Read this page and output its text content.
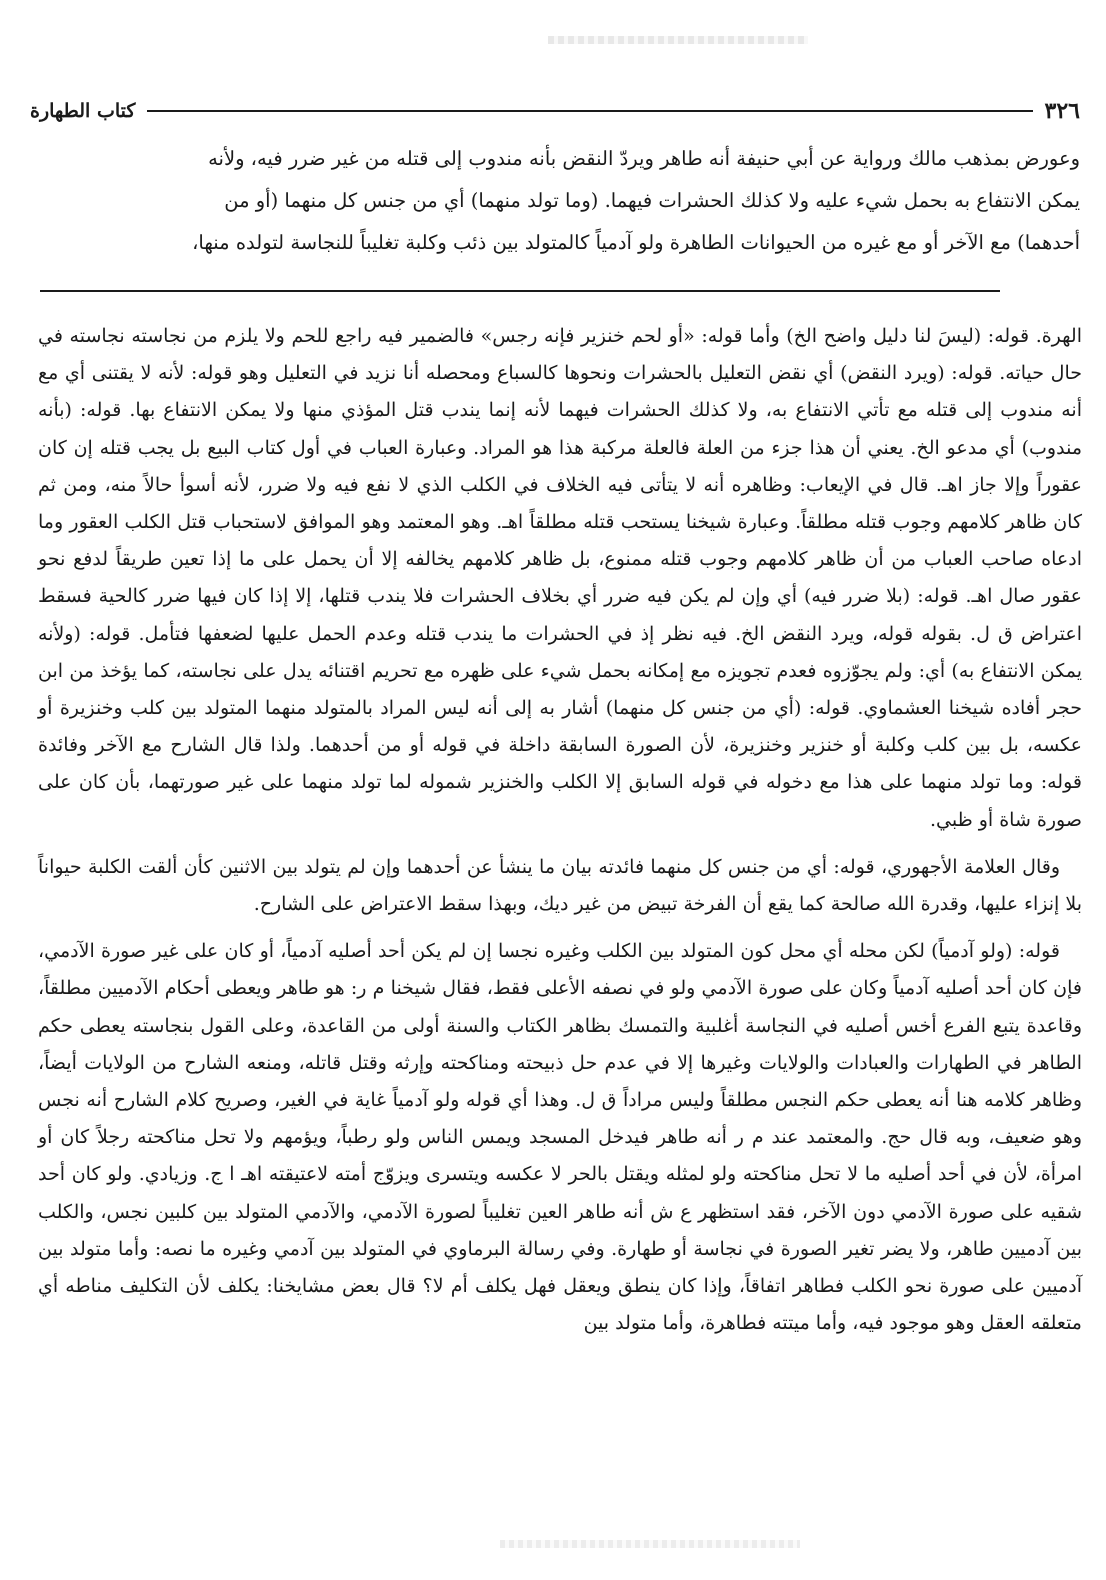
٣٢٦
كتاب الطهارة

وعورض بمذهب مالك ورواية عن أبي حنيفة أنه طاهر ويردّ النقض بأنه مندوب إلى قتله من غير ضرر فيه، ولأنه

يمكن الانتفاع به بحمل شيء عليه ولا كذلك الحشرات فيهما. (وما تولد منهما) أي من جنس كل منهما (أو من

أحدهما) مع الآخر أو مع غيره من الحيوانات الطاهرة ولو آدمياً كالمتولد بين ذئب وكلبة تغليباً للنجاسة لتولده منها،

الهرة. قوله: (ليسَ لنا دليل واضح الخ) وأما قوله: «أو لحم خنزير فإنه رجس» فالضمير فيه راجع للحم ولا يلزم من نجاسته نجاسته في حال حياته. قوله: (ويرد النقض) أي نقض التعليل بالحشرات ونحوها كالسباع ومحصله أنا نزيد في التعليل وهو قوله: لأنه لا يقتنى أي مع أنه مندوب إلى قتله مع تأتي الانتفاع به، ولا كذلك الحشرات فيهما لأنه إنما يندب قتل المؤذي منها ولا يمكن الانتفاع بها. قوله: (بأنه مندوب) أي مدعو الخ. يعني أن هذا جزء من العلة فالعلة مركبة هذا هو المراد. وعبارة العباب في أول كتاب البيع بل يجب قتله إن كان عقوراً وإلا جاز اهـ. قال في الإيعاب: وظاهره أنه لا يتأتى فيه الخلاف في الكلب الذي لا نفع فيه ولا ضرر، لأنه أسوأ حالاً منه، ومن ثم كان ظاهر كلامهم وجوب قتله مطلقاً. وعبارة شيخنا يستحب قتله مطلقاً اهـ. وهو المعتمد وهو الموافق لاستحباب قتل الكلب العقور وما ادعاه صاحب العباب من أن ظاهر كلامهم وجوب قتله ممنوع، بل ظاهر كلامهم يخالفه إلا أن يحمل على ما إذا تعين طريقاً لدفع نحو عقور صال اهـ. قوله: (بلا ضرر فيه) أي وإن لم يكن فيه ضرر أي بخلاف الحشرات فلا يندب قتلها، إلا إذا كان فيها ضرر كالحية فسقط اعتراض ق ل. بقوله قوله، ويرد النقض الخ. فيه نظر إذ في الحشرات ما يندب قتله وعدم الحمل عليها لضعفها فتأمل. قوله: (ولأنه يمكن الانتفاع به) أي: ولم يجوّزوه فعدم تجويزه مع إمكانه بحمل شيء على ظهره مع تحريم اقتنائه يدل على نجاسته، كما يؤخذ من ابن حجر أفاده شيخنا العشماوي. قوله: (أي من جنس كل منهما) أشار به إلى أنه ليس المراد بالمتولد منهما المتولد بين كلب وخنزيرة أو عكسه، بل بين كلب وكلبة أو خنزير وخنزيرة، لأن الصورة السابقة داخلة في قوله أو من أحدهما. ولذا قال الشارح مع الآخر وفائدة قوله: وما تولد منهما على هذا مع دخوله في قوله السابق إلا الكلب والخنزير شموله لما تولد منهما على غير صورتهما، بأن كان على صورة شاة أو ظبي.

وقال العلامة الأجهوري، قوله: أي من جنس كل منهما فائدته بيان ما ينشأ عن أحدهما وإن لم يتولد بين الاثنين كأن ألقت الكلبة حيواناً بلا إنزاء عليها، وقدرة الله صالحة كما يقع أن الفرخة تبيض من غير ديك، وبهذا سقط الاعتراض على الشارح.

قوله: (ولو آدمياً) لكن محله أي محل كون المتولد بين الكلب وغيره نجسا إن لم يكن أحد أصليه آدمياً، أو كان على غير صورة الآدمي، فإن كان أحد أصليه آدمياً وكان على صورة الآدمي ولو في نصفه الأعلى فقط، فقال شيخنا م ر: هو طاهر ويعطى أحكام الآدميين مطلقاً، وقاعدة يتبع الفرع أخس أصليه في النجاسة أغلبية والتمسك بظاهر الكتاب والسنة أولى من القاعدة، وعلى القول بنجاسته يعطى حكم الطاهر في الطهارات والعبادات والولايات وغيرها إلا في عدم حل ذبيحته ومناكحته وإرثه وقتل قاتله، ومنعه الشارح من الولايات أيضاً، وظاهر كلامه هنا أنه يعطى حكم النجس مطلقاً وليس مراداً ق ل. وهذا أي قوله ولو آدمياً غاية في الغير، وصريح كلام الشارح أنه نجس وهو ضعيف، وبه قال حج. والمعتمد عند م ر أنه طاهر فيدخل المسجد ويمس الناس ولو رطباً، ويؤمهم ولا تحل مناكحته رجلاً كان أو امرأة، لأن في أحد أصليه ما لا تحل مناكحته ولو لمثله ويقتل بالحر لا عكسه ويتسرى ويزوّج أمته لاعتيقته اهـ ا ج. وزيادي. ولو كان أحد شقيه على صورة الآدمي دون الآخر، فقد استظهر ع ش أنه طاهر العين تغليباً لصورة الآدمي، والآدمي المتولد بين كلبين نجس، والكلب بين آدميين طاهر، ولا يضر تغير الصورة في نجاسة أو طهارة. وفي رسالة البرماوي في المتولد بين آدمي وغيره ما نصه: وأما متولد بين آدميين على صورة نحو الكلب فطاهر اتفاقاً، وإذا كان ينطق ويعقل فهل يكلف أم لا؟ قال بعض مشايخنا: يكلف لأن التكليف مناطه أي متعلقه العقل وهو موجود فيه، وأما ميتته فطاهرة، وأما متولد بين
